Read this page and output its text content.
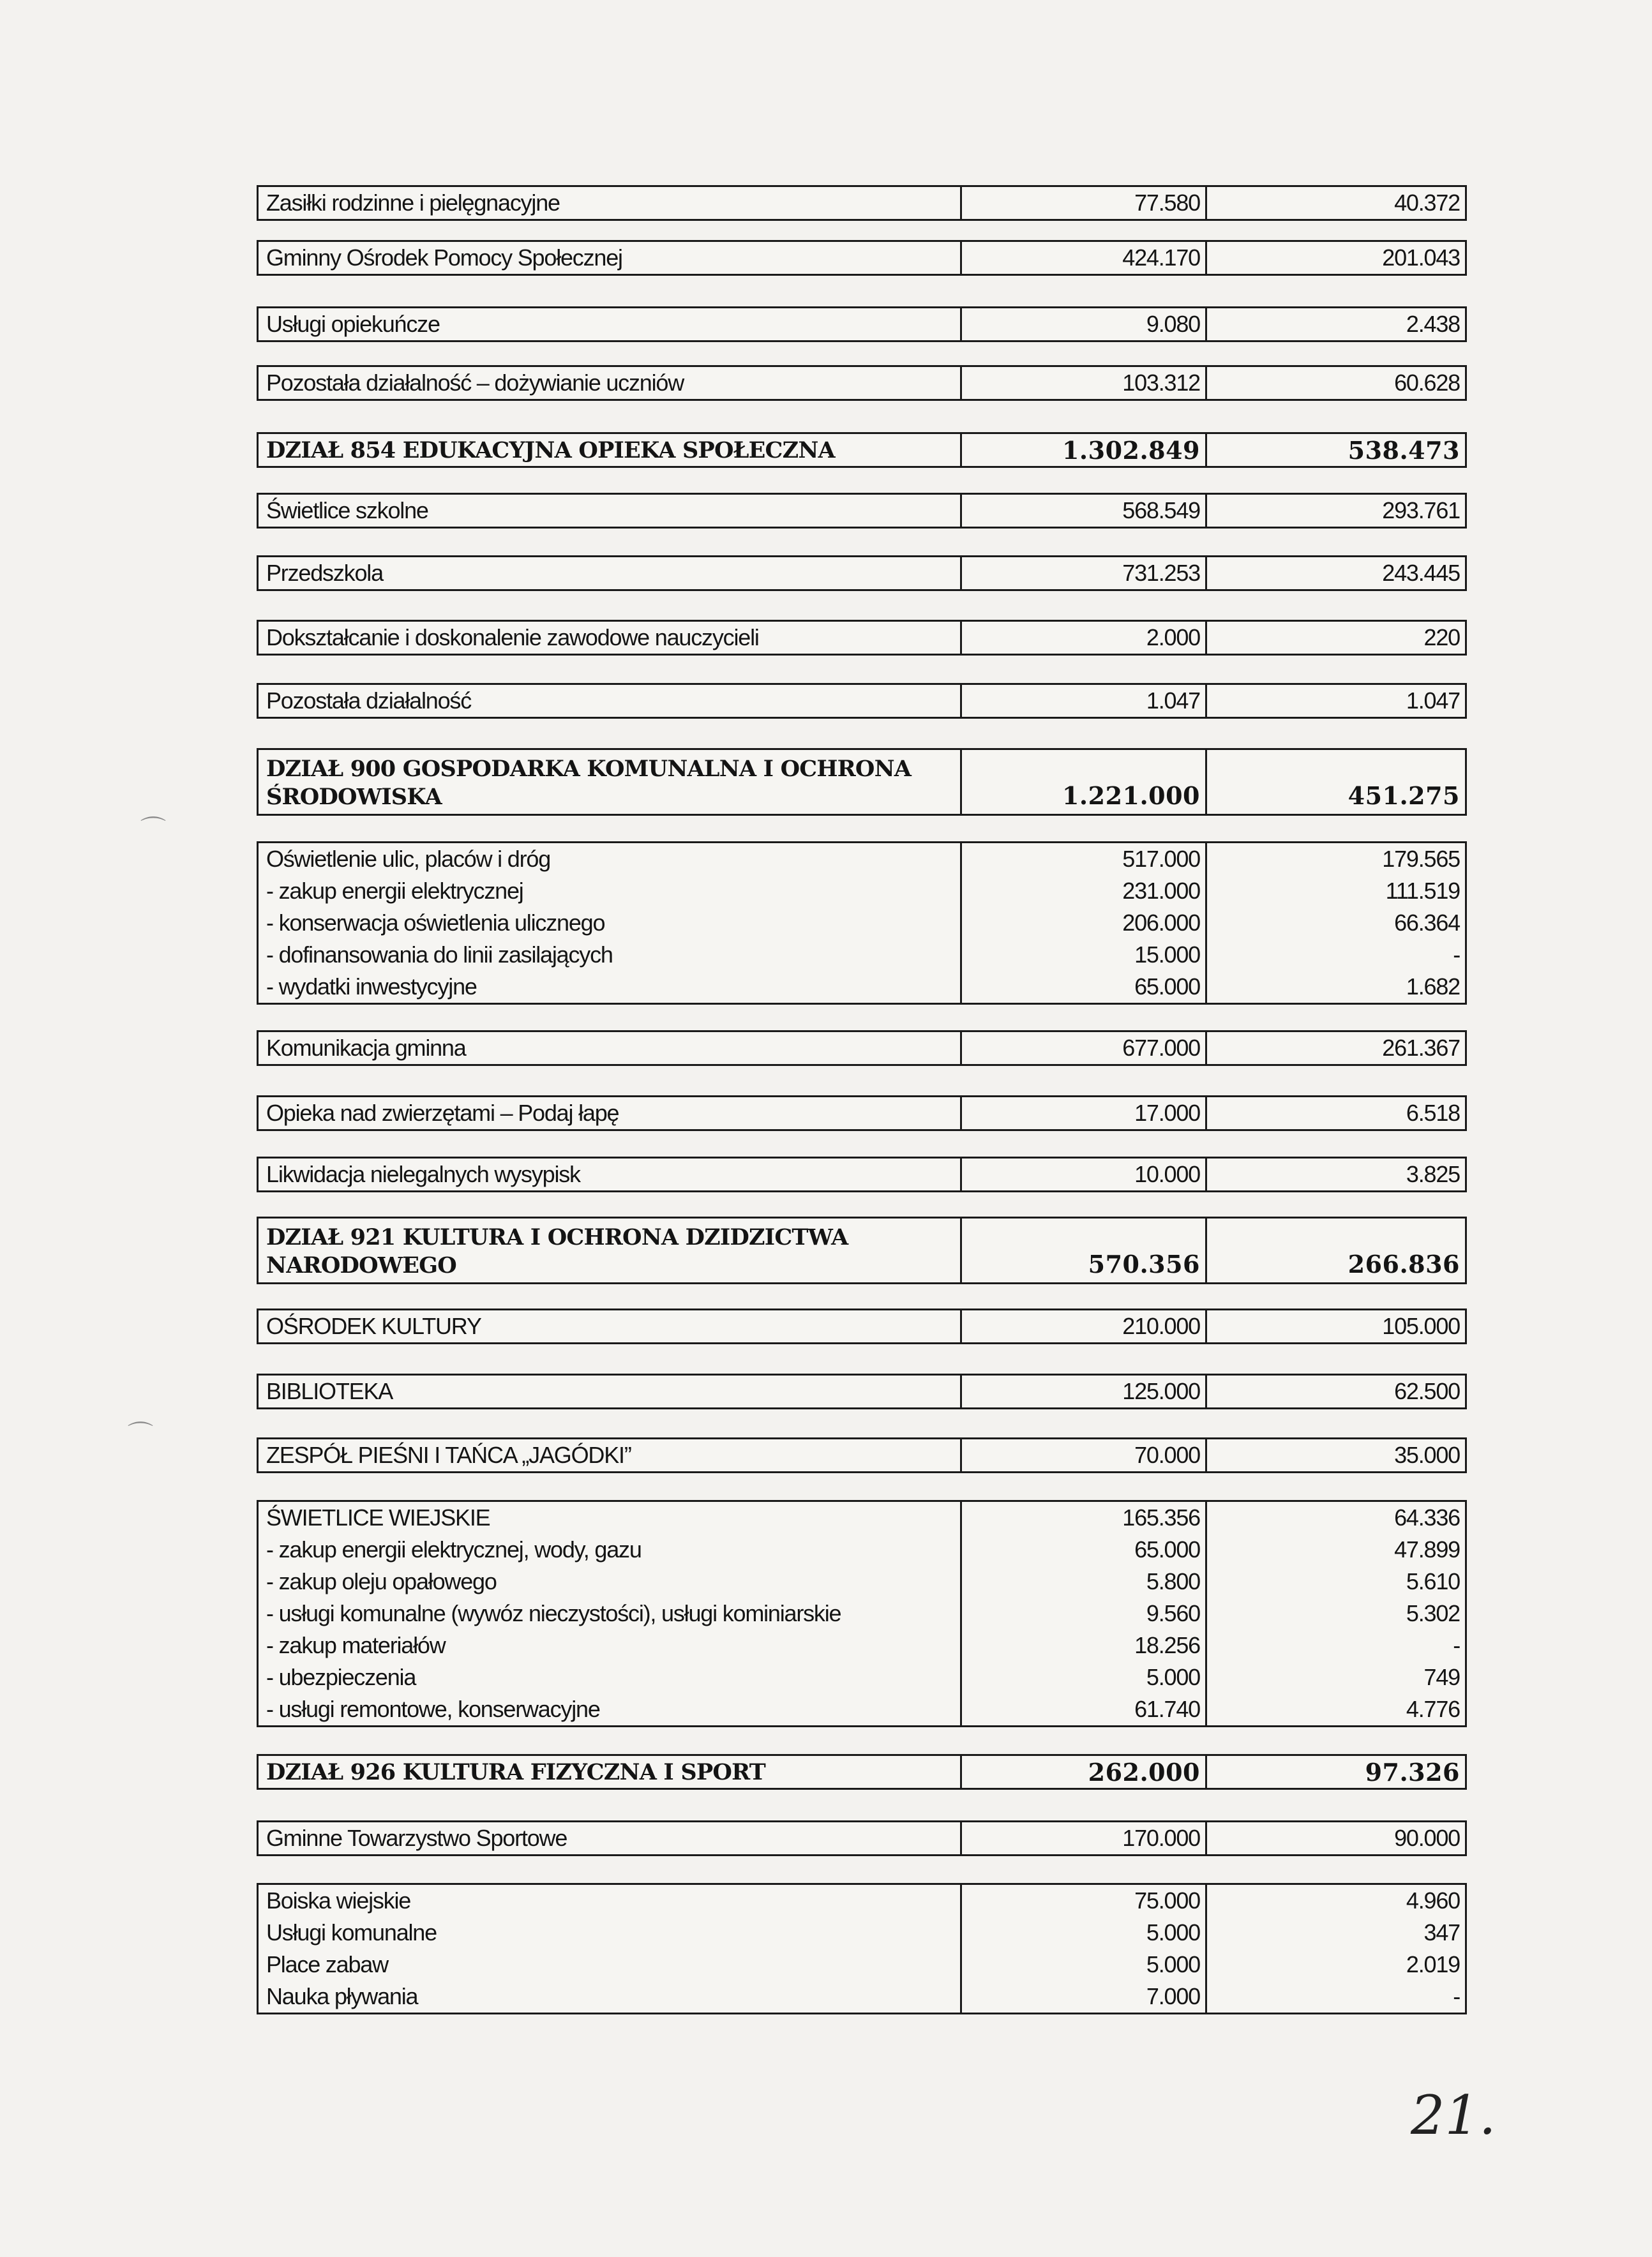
Zasiłki rodzinne i pielęgnacyjne	77.580	40.372
Gminny Ośrodek Pomocy Społecznej	424.170	201.043
Usługi opiekuńcze	9.080	2.438
Pozostała działalność – dożywianie uczniów	103.312	60.628
DZIAŁ 854 EDUKACYJNA OPIEKA SPOŁECZNA	1.302.849	538.473
Świetlice szkolne	568.549	293.761
Przedszkola	731.253	243.445
Dokształcanie i doskonalenie zawodowe nauczycieli	2.000	220
Pozostała działalność	1.047	1.047
DZIAŁ 900 GOSPODARKA KOMUNALNA I OCHRONA ŚRODOWISKA	1.221.000	451.275
Oświetlenie ulic, placów i dróg	517.000	179.565
- zakup energii elektrycznej	231.000	111.519
- konserwacja oświetlenia ulicznego	206.000	66.364
- dofinansowania do linii zasilających	15.000	-
- wydatki inwestycyjne	65.000	1.682
Komunikacja gminna	677.000	261.367
Opieka nad zwierzętami – Podaj łapę	17.000	6.518
Likwidacja nielegalnych wysypisk	10.000	3.825
DZIAŁ 921 KULTURA I OCHRONA DZIDZICTWA NARODOWEGO	570.356	266.836
OŚRODEK KULTURY	210.000	105.000
BIBLIOTEKA	125.000	62.500
ZESPÓŁ PIEŚNI I TAŃCA „JAGÓDKI”	70.000	35.000
ŚWIETLICE WIEJSKIE	165.356	64.336
- zakup energii elektrycznej, wody, gazu	65.000	47.899
- zakup oleju opałowego	5.800	5.610
- usługi komunalne (wywóz nieczystości), usługi kominiarskie	9.560	5.302
- zakup materiałów	18.256	-
- ubezpieczenia	5.000	749
- usługi remontowe, konserwacyjne	61.740	4.776
DZIAŁ 926 KULTURA FIZYCZNA I SPORT	262.000	97.326
Gminne Towarzystwo Sportowe	170.000	90.000
Boiska wiejskie	75.000	4.960
Usługi komunalne	5.000	347
Place zabaw	5.000	2.019
Nauka pływania	7.000	-
21.
⌒
⌒
